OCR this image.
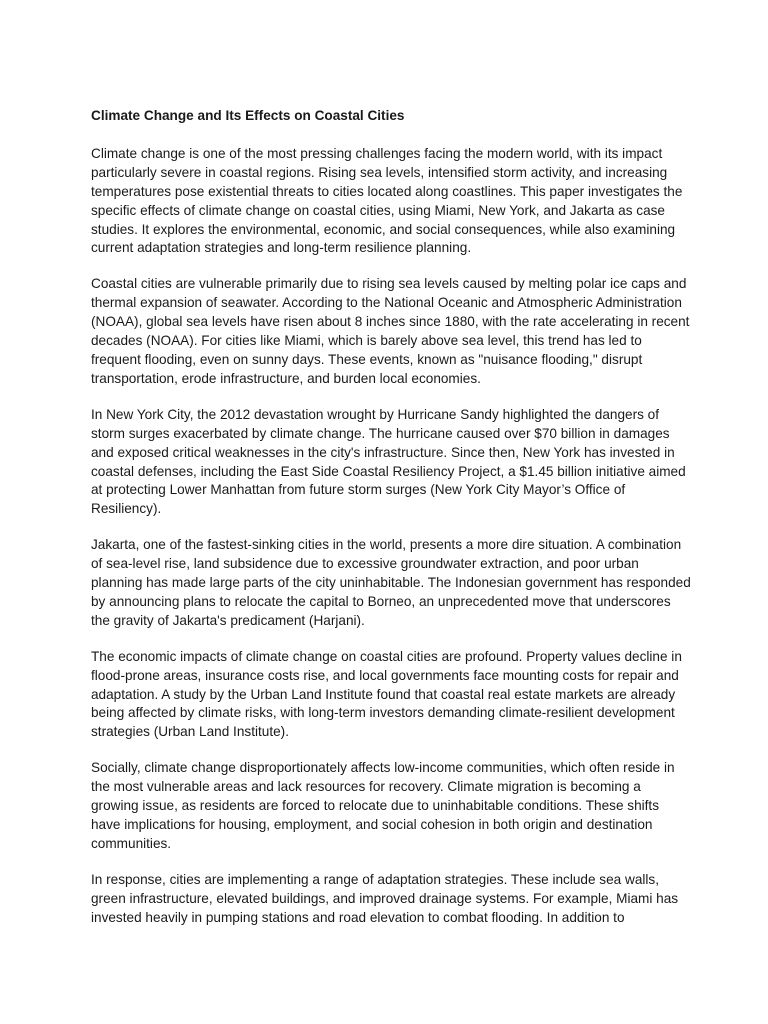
Climate Change and Its Effects on Coastal Cities

Climate change is one of the most pressing challenges facing the modern world, with its impact particularly severe in coastal regions. Rising sea levels, intensified storm activity, and increasing temperatures pose existential threats to cities located along coastlines. This paper investigates the specific effects of climate change on coastal cities, using Miami, New York, and Jakarta as case studies. It explores the environmental, economic, and social consequences, while also examining current adaptation strategies and long-term resilience planning.

Coastal cities are vulnerable primarily due to rising sea levels caused by melting polar ice caps and thermal expansion of seawater. According to the National Oceanic and Atmospheric Administration (NOAA), global sea levels have risen about 8 inches since 1880, with the rate accelerating in recent decades (NOAA). For cities like Miami, which is barely above sea level, this trend has led to frequent flooding, even on sunny days. These events, known as "nuisance flooding," disrupt transportation, erode infrastructure, and burden local economies.

In New York City, the 2012 devastation wrought by Hurricane Sandy highlighted the dangers of storm surges exacerbated by climate change. The hurricane caused over $70 billion in damages and exposed critical weaknesses in the city's infrastructure. Since then, New York has invested in coastal defenses, including the East Side Coastal Resiliency Project, a $1.45 billion initiative aimed at protecting Lower Manhattan from future storm surges (New York City Mayor’s Office of Resiliency).

Jakarta, one of the fastest-sinking cities in the world, presents a more dire situation. A combination of sea-level rise, land subsidence due to excessive groundwater extraction, and poor urban planning has made large parts of the city uninhabitable. The Indonesian government has responded by announcing plans to relocate the capital to Borneo, an unprecedented move that underscores the gravity of Jakarta's predicament (Harjani).

The economic impacts of climate change on coastal cities are profound. Property values decline in flood-prone areas, insurance costs rise, and local governments face mounting costs for repair and adaptation. A study by the Urban Land Institute found that coastal real estate markets are already being affected by climate risks, with long-term investors demanding climate-resilient development strategies (Urban Land Institute).

Socially, climate change disproportionately affects low-income communities, which often reside in the most vulnerable areas and lack resources for recovery. Climate migration is becoming a growing issue, as residents are forced to relocate due to uninhabitable conditions. These shifts have implications for housing, employment, and social cohesion in both origin and destination communities.

In response, cities are implementing a range of adaptation strategies. These include sea walls, green infrastructure, elevated buildings, and improved drainage systems. For example, Miami has invested heavily in pumping stations and road elevation to combat flooding. In addition to
